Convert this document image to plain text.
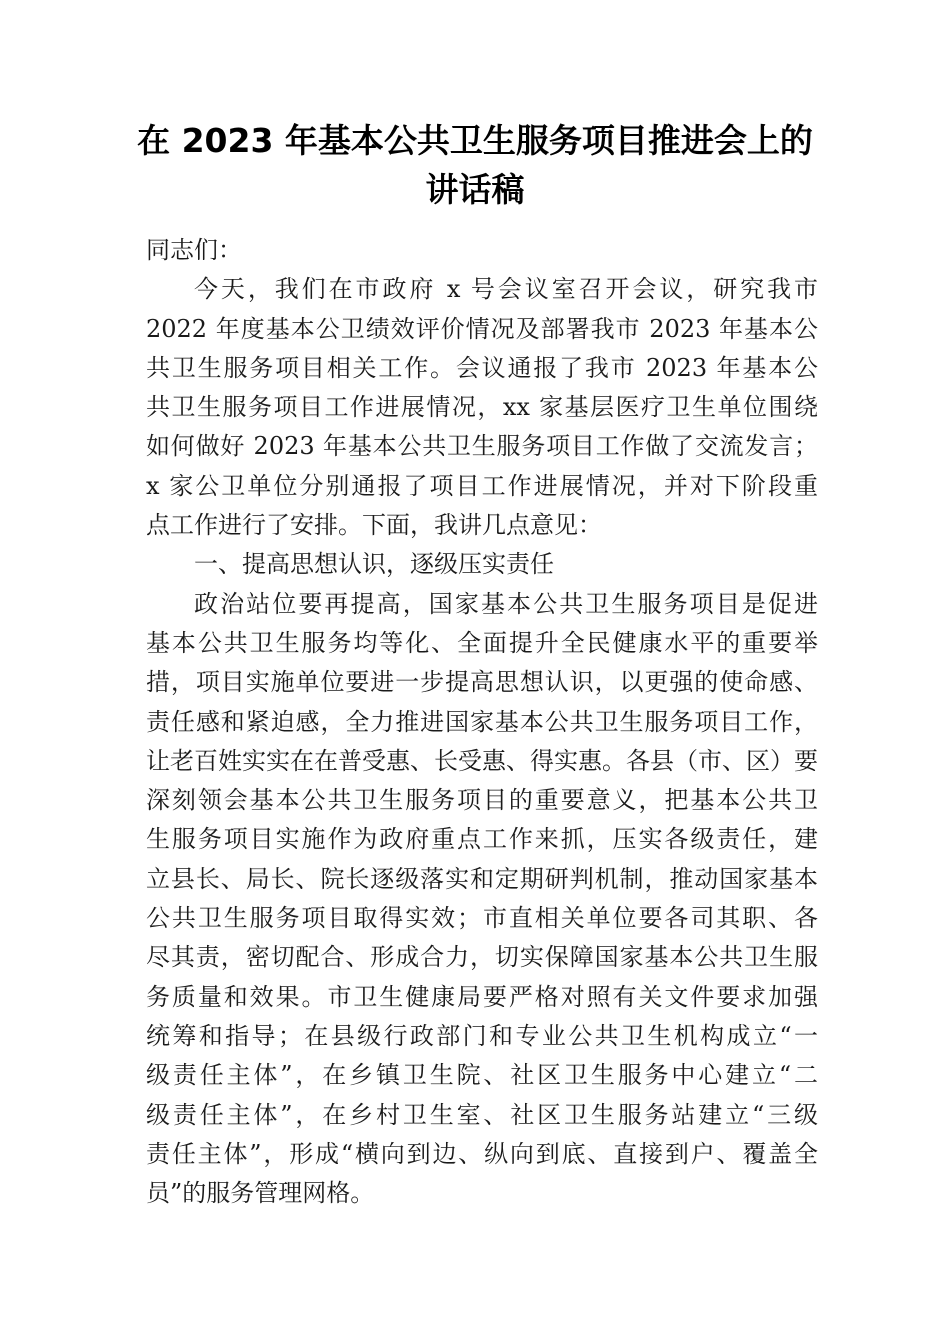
在 2023 年基本公共卫生服务项目推进会上的
讲话稿
同志们：
今天，我们在市政府 x 号会议室召开会议，研究我市
2022 年度基本公卫绩效评价情况及部署我市 2023 年基本公
共卫生服务项目相关工作。会议通报了我市 2023 年基本公
共卫生服务项目工作进展情况，xx 家基层医疗卫生单位围绕
如何做好 2023 年基本公共卫生服务项目工作做了交流发言；
x 家公卫单位分别通报了项目工作进展情况，并对下阶段重
点工作进行了安排。下面，我讲几点意见：
一、提高思想认识，逐级压实责任
政治站位要再提高，国家基本公共卫生服务项目是促进
基本公共卫生服务均等化、全面提升全民健康水平的重要举
措，项目实施单位要进一步提高思想认识，以更强的使命感、
责任感和紧迫感，全力推进国家基本公共卫生服务项目工作，
让老百姓实实在在普受惠、长受惠、得实惠。各县（市、区）要
深刻领会基本公共卫生服务项目的重要意义，把基本公共卫
生服务项目实施作为政府重点工作来抓，压实各级责任，建
立县长、局长、院长逐级落实和定期研判机制，推动国家基本
公共卫生服务项目取得实效；市直相关单位要各司其职、各
尽其责，密切配合、形成合力，切实保障国家基本公共卫生服
务质量和效果。市卫生健康局要严格对照有关文件要求加强
统筹和指导；在县级行政部门和专业公共卫生机构成立“一
级责任主体”，在乡镇卫生院、社区卫生服务中心建立“二
级责任主体”，在乡村卫生室、社区卫生服务站建立“三级
责任主体”，形成“横向到边、纵向到底、直接到户、覆盖全
员”的服务管理网格。
